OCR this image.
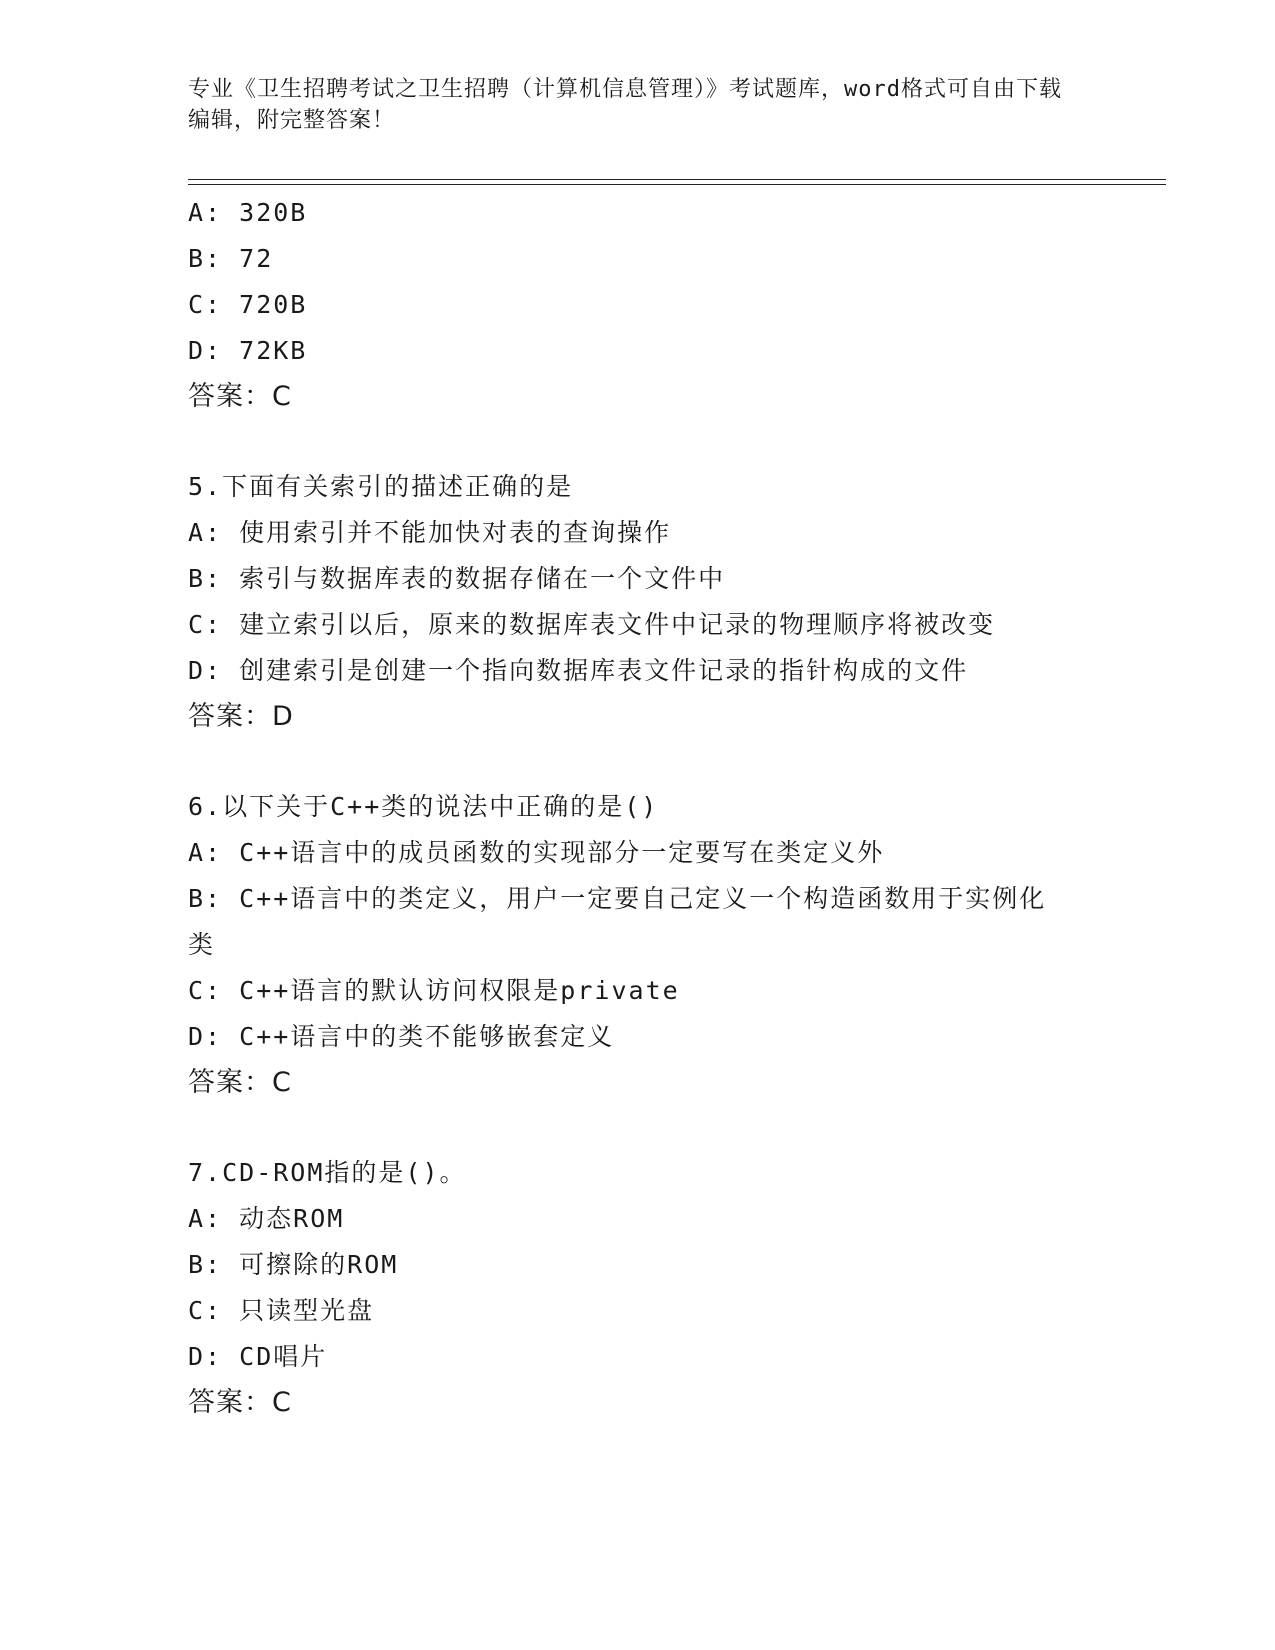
专业《卫生招聘考试之卫生招聘（计算机信息管理）》考试题库，word格式可自由下载编辑，附完整答案！
A: 320B
B: 72
C: 720B
D: 72KB
答案：C
5.下面有关索引的描述正确的是
A: 使用索引并不能加快对表的查询操作
B: 索引与数据库表的数据存储在一个文件中
C: 建立索引以后，原来的数据库表文件中记录的物理顺序将被改变
D: 创建索引是创建一个指向数据库表文件记录的指针构成的文件
答案：D
6.以下关于C++类的说法中正确的是()
A: C++语言中的成员函数的实现部分一定要写在类定义外
B: C++语言中的类定义，用户一定要自己定义一个构造函数用于实例化类
C: C++语言的默认访问权限是private
D: C++语言中的类不能够嵌套定义
答案：C
7.CD-ROM指的是()。
A: 动态ROM
B: 可擦除的ROM
C: 只读型光盘
D: CD唱片
答案：C
